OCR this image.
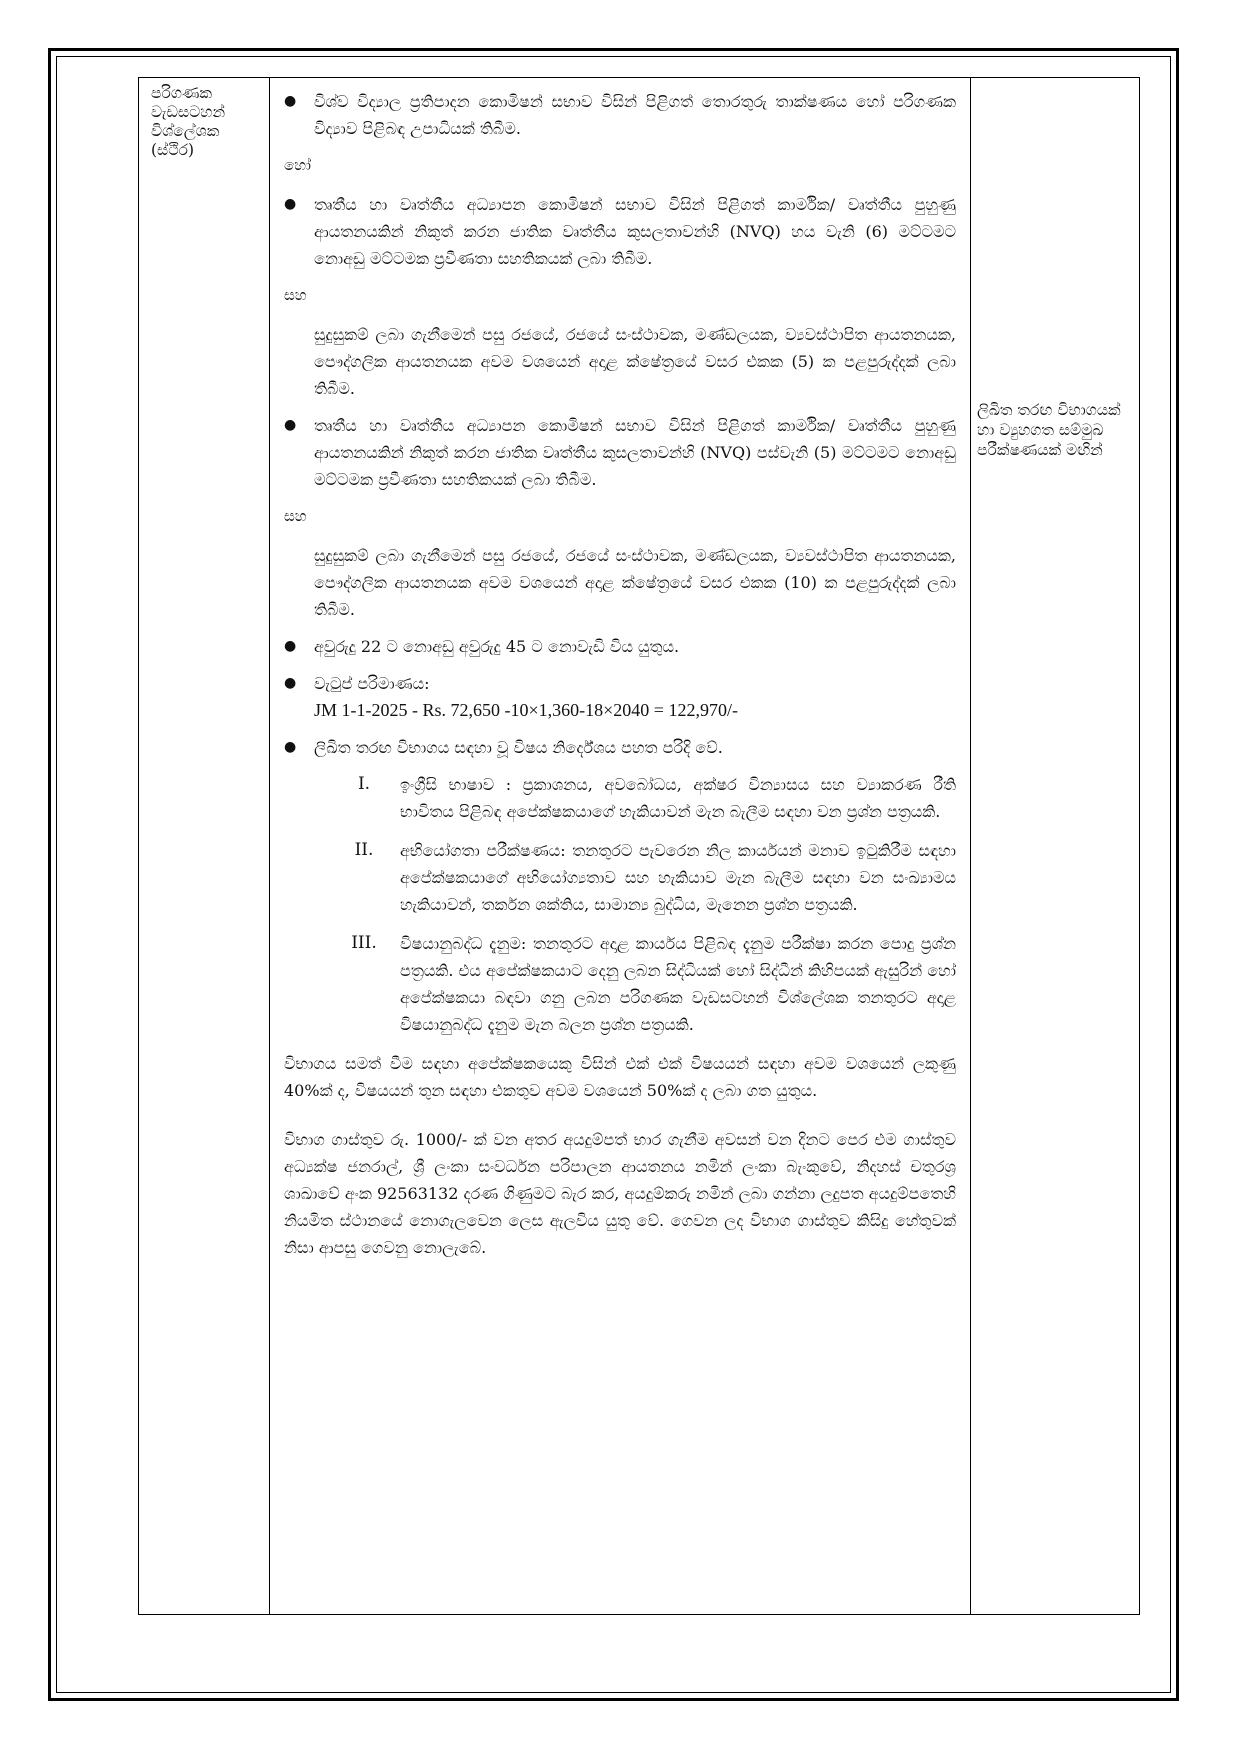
පරිගණක වැඩසටහන් විශ්ලේශක (ස්ථිර)

●	විශ්ව විද්‍යාල ප්‍රතිපාදන කොමිෂන් සභාව විසින් පිළිගත් තොරතුරු තාක්ෂණය හෝ පරිගණක විද්‍යාව පිළිබඳ උපාධියක් තිබීම.
හෝ
●	තෘතීය හා වෘත්තීය අධ්‍යාපන කොමිෂන් සභාව විසින් පිළිගත් කාර්මික/ වෘත්තීය පුහුණු ආයතනයකින් නිකුත් කරන ජාතික වෘත්තීය කුසලතාවන්හි (NVQ) හය වැනි (6) මට්ටමට නොඅඩු මට්ටමක ප්‍රවීණතා සහතිකයක් ලබා තිබීම.
සහ
සුදුසුකම් ලබා ගැනීමෙන් පසු රජයේ, රජයේ සංස්ථාවක, මණ්ඩලයක, ව්‍යවස්ථාපිත ආයතනයක, පෞද්ගලික ආයතනයක අවම වශයෙන් අදාළ ක්ෂේත්‍රයේ වසර එකක (5) ක පළපුරුද්දක් ලබා තිබීම.
●	තෘතීය හා වෘත්තීය අධ්‍යාපන කොමිෂන් සභාව විසින් පිළිගත් කාර්මික/ වෘත්තීය පුහුණු ආයතනයකින් නිකුත් කරන ජාතික වෘත්තීය කුසලතාවන්හි (NVQ) පස්වැනි (5) මට්ටමට නොඅඩු මට්ටමක ප්‍රවීණතා සහතිකයක් ලබා තිබීම.
සහ
සුදුසුකම් ලබා ගැනීමෙන් පසු රජයේ, රජයේ සංස්ථාවක, මණ්ඩලයක, ව්‍යවස්ථාපිත ආයතනයක, පෞද්ගලික ආයතනයක අවම වශයෙන් අදාළ ක්ෂේත්‍රයේ වසර එකක (10) ක පළපුරුද්දක් ලබා තිබීම.
●	අවුරුදු 22 ට නොඅඩු අවුරුදු 45 ට නොවැඩි විය යුතුය.
●	වැටුප් පරිමාණය:
JM 1-1-2025 - Rs. 72,650 -10×1,360-18×2040 = 122,970/-
●	ලිඛිත තරඟ විභාගය සඳහා වූ විෂය නිර්දේශය පහත පරිදි වේ.
I.	ඉංග්‍රීසි භාෂාව : ප්‍රකාශනය, අවබෝධය, අක්ෂර වින්‍යාසය සහ ව්‍යාකරණ රීති භාවිතය පිළිබඳ අපේක්ෂකයාගේ හැකියාවන් මැන බැලීම සඳහා වන ප්‍රශ්න පත්‍රයකි.
II.	අභියෝගතා පරීක්ෂණය: තනතුරට පැවරෙන නිල කාර්යයන් මනාව ඉටුකිරීම සඳහා අපේක්ෂකයාගේ අභියෝග්‍යතාව සහ හැකියාව මැන බැලීම සඳහා වන සංඛ්‍යාමය හැකියාවන්, තර්කන ශක්තිය, සාමාන්‍ය බුද්ධිය, මැනෙන ප්‍රශ්න පත්‍රයකි.
III.	විෂයානුබද්ධ දැනුම: තනතුරට අදාළ කාර්යය පිළිබඳ දැනුම පරීක්ෂා කරන පොදු ප්‍රශ්න පත්‍රයකි. එය අපේක්ෂකයාට දෙනු ලබන සිද්ධියක් හෝ සිද්ධීන් කිහිපයක් ඇසුරින් හෝ අපේක්ෂකයා බඳවා ගනු ලබන පරිගණක වැඩසටහන් විශ්ලේශක තනතුරට අදාළ විෂයානුබද්ධ දැනුම මැන බලන ප්‍රශ්න පත්‍රයකි.
විභාගය සමත් වීම සඳහා අපේක්ෂකයෙකු විසින් එක් එක් විෂයයන් සඳහා අවම වශයෙන් ලකුණු 40%ක් ද, විෂයයන් තුන සඳහා එකතුව අවම වශයෙන් 50%ක් ද ලබා ගත යුතුය.
විභාග ගාස්තුව රු. 1000/- ක් වන අතර අයදුම්පත් භාර ගැනීම අවසන් වන දිනට පෙර එම ගාස්තුව අධ්‍යක්ෂ ජනරාල්, ශ්‍රී ලංකා සංවර්ධන පරිපාලන ආයතනය නමින් ලංකා බැංකුවේ, නිදහස් චතුරශ්‍ර ශාඛාවේ අංක 92563132 දරණ ගිණුමට බැර කර, අයදුම්කරු නමින් ලබා ගන්නා ලදුපත අයදුම්පතෙහි නියමිත ස්ථානයේ නොගැලවෙන ලෙස ඇලවිය යුතු වේ. ගෙවන ලද විභාග ගාස්තුව කිසිදු හේතුවක් නිසා ආපසු ගෙවනු නොලැබේ.

ලිඛිත තරඟ විභාගයක් හා ව්‍යුහගත සම්මුඛ පරීක්ෂණයක් මඟින්
